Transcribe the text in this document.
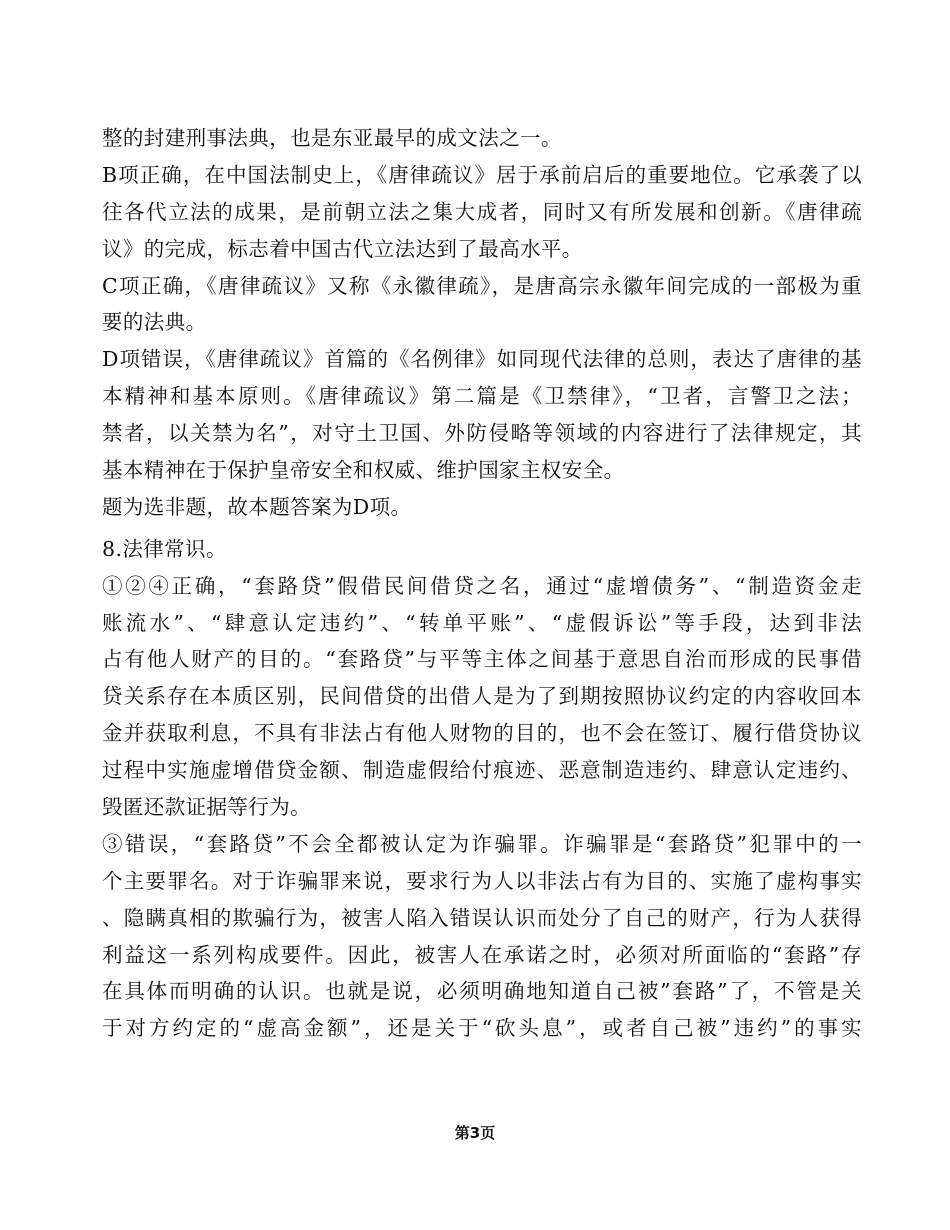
整的封建刑事法典，也是东亚最早的成文法之一。
B项正确，在中国法制史上，《唐律疏议》居于承前启后的重要地位。它承袭了以
往各代立法的成果，是前朝立法之集大成者，同时又有所发展和创新。《唐律疏
议》的完成，标志着中国古代立法达到了最高水平。
C项正确，《唐律疏议》又称《永徽律疏》，是唐高宗永徽年间完成的一部极为重
要的法典。
D项错误，《唐律疏议》首篇的《名例律》如同现代法律的总则，表达了唐律的基
本精神和基本原则。《唐律疏议》第二篇是《卫禁律》，“卫者，言警卫之法；
禁者，以关禁为名”，对守土卫国、外防侵略等领域的内容进行了法律规定，其
基本精神在于保护皇帝安全和权威、维护国家主权安全。
题为选非题，故本题答案为D项。
8.法律常识。
①②④正确，“套路贷”假借民间借贷之名，通过“虚增债务”、“制造资金走
账流水”、“肆意认定违约”、“转单平账”、“虚假诉讼”等手段，达到非法
占有他人财产的目的。“套路贷”与平等主体之间基于意思自治而形成的民事借
贷关系存在本质区别，民间借贷的出借人是为了到期按照协议约定的内容收回本
金并获取利息，不具有非法占有他人财物的目的，也不会在签订、履行借贷协议
过程中实施虚增借贷金额、制造虚假给付痕迹、恶意制造违约、肆意认定违约、
毁匿还款证据等行为。
③错误，“套路贷”不会全都被认定为诈骗罪。诈骗罪是“套路贷”犯罪中的一
个主要罪名。对于诈骗罪来说，要求行为人以非法占有为目的、实施了虚构事实
、隐瞒真相的欺骗行为，被害人陷入错误认识而处分了自己的财产，行为人获得
利益这一系列构成要件。因此，被害人在承诺之时，必须对所面临的“套路”存
在具体而明确的认识。也就是说，必须明确地知道自己被”套路”了，不管是关
于对方约定的“虚高金额”，还是关于“砍头息”，或者自己被”违约”的事实
第3页
